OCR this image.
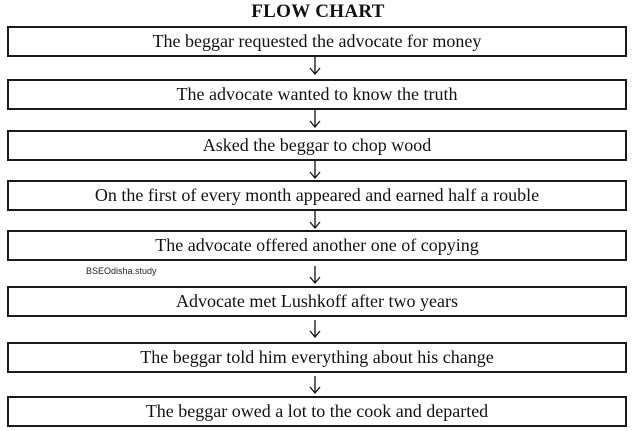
FLOW CHART
The beggar requested the advocate for money
The advocate wanted to know the truth
Asked the beggar to chop wood
On the first of every month appeared and earned half a rouble
The advocate offered another one of copying
BSEOdisha.study
Advocate met Lushkoff after two years
The beggar told him everything about his change
The beggar owed a lot to the cook and departed
